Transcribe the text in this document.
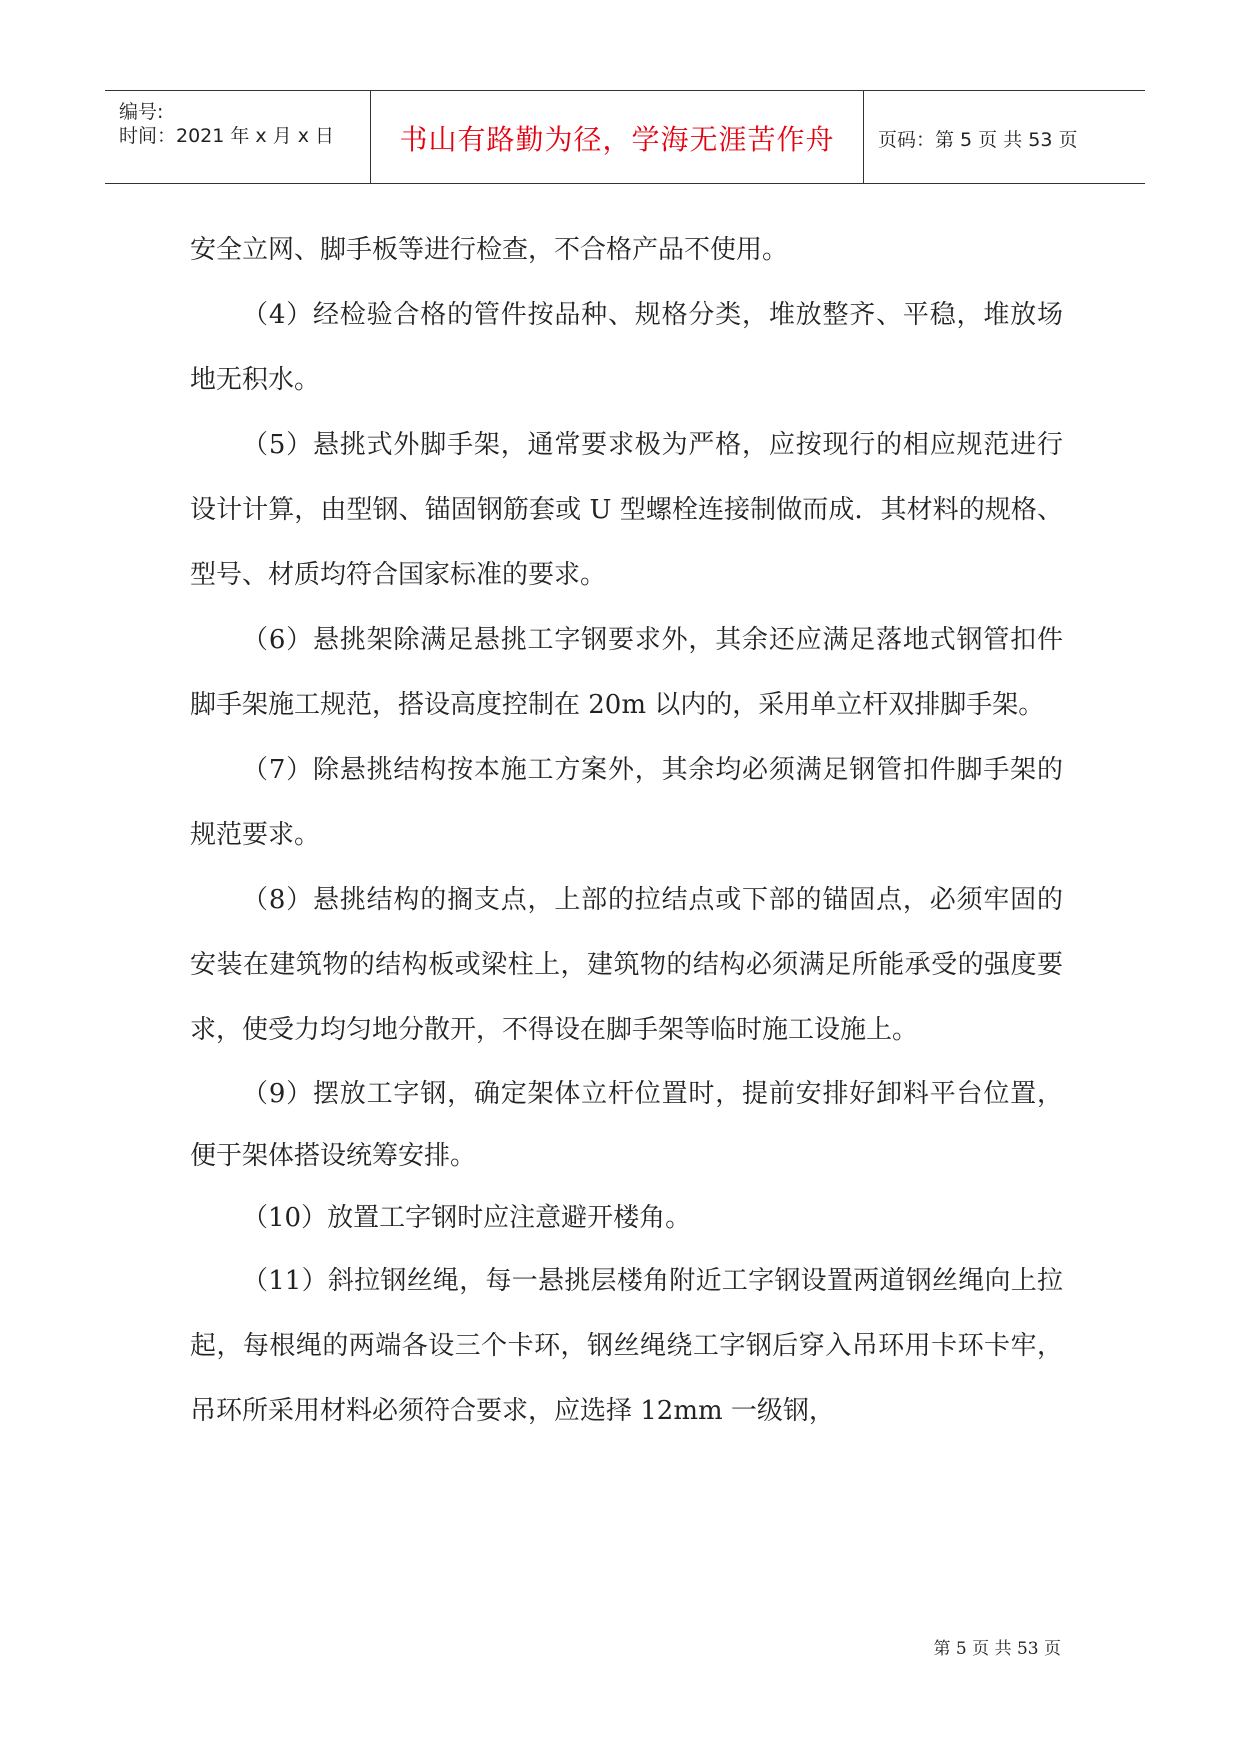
编号:
时间：2021 年 x 月 x 日	书山有路勤为径，学海无涯苦作舟	页码：第 5 页 共 53 页

安全立网、脚手板等进行检查，不合格产品不使用。

（4）经检验合格的管件按品种、规格分类，堆放整齐、平稳，堆放场地无积水。

（5）悬挑式外脚手架，通常要求极为严格，应按现行的相应规范进行设计计算，由型钢、锚固钢筋套或 U 型螺栓连接制做而成．其材料的规格、型号、材质均符合国家标准的要求。

（6）悬挑架除满足悬挑工字钢要求外，其余还应满足落地式钢管扣件脚手架施工规范，搭设高度控制在 20m 以内的，采用单立杆双排脚手架。

（7）除悬挑结构按本施工方案外，其余均必须满足钢管扣件脚手架的规范要求。

（8）悬挑结构的搁支点，上部的拉结点或下部的锚固点，必须牢固的安装在建筑物的结构板或梁柱上，建筑物的结构必须满足所能承受的强度要求，使受力均匀地分散开，不得设在脚手架等临时施工设施上。

（9）摆放工字钢，确定架体立杆位置时，提前安排好卸料平台位置，便于架体搭设统筹安排。

（10）放置工字钢时应注意避开楼角。

（11）斜拉钢丝绳，每一悬挑层楼角附近工字钢设置两道钢丝绳向上拉起，每根绳的两端各设三个卡环，钢丝绳绕工字钢后穿入吊环用卡环卡牢，吊环所采用材料必须符合要求，应选择 12mm 一级钢，

第 5 页 共 53 页
